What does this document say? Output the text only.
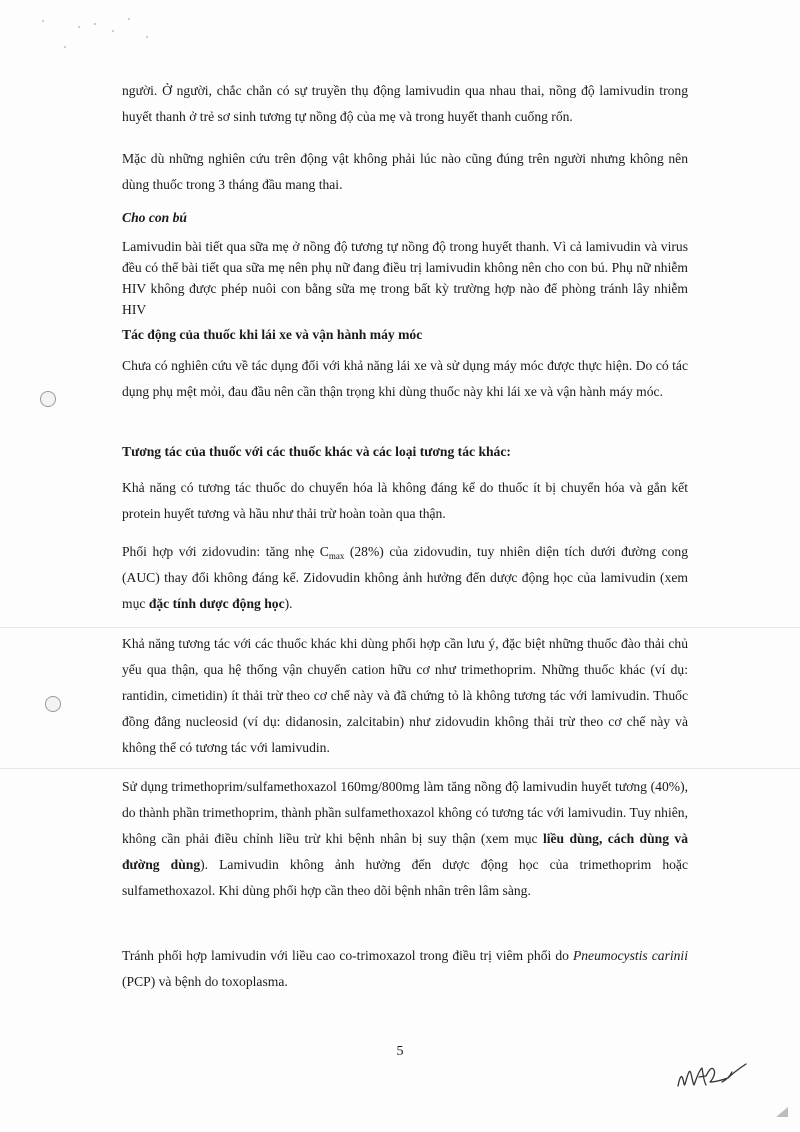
người. Ở người, chắc chắn có sự truyền thụ động lamivudin qua nhau thai, nồng độ lamivudin trong huyết thanh ở trẻ sơ sinh tương tự nồng độ của mẹ và trong huyết thanh cuống rốn.

Mặc dù những nghiên cứu trên động vật không phải lúc nào cũng đúng trên người nhưng không nên dùng thuốc trong 3 tháng đầu mang thai.

Cho con bú

Lamivudin bài tiết qua sữa mẹ ở nồng độ tương tự nồng độ trong huyết thanh. Vì cả lamivudin và virus đều có thể bài tiết qua sữa mẹ nên phụ nữ đang điều trị lamivudin không nên cho con bú. Phụ nữ nhiễm HIV không được phép nuôi con bằng sữa mẹ trong bất kỳ trường hợp nào để phòng tránh lây nhiễm HIV

Tác động của thuốc khi lái xe và vận hành máy móc

Chưa có nghiên cứu về tác dụng đối với khả năng lái xe và sử dụng máy móc được thực hiện. Do có tác dụng phụ mệt mỏi, đau đầu nên cần thận trọng khi dùng thuốc này khi lái xe và vận hành máy móc.

Tương tác của thuốc với các thuốc khác và các loại tương tác khác:

Khả năng có tương tác thuốc do chuyển hóa là không đáng kể do thuốc ít bị chuyển hóa và gắn kết protein huyết tương và hầu như thải trừ hoàn toàn qua thận.

Phối hợp với zidovudin: tăng nhẹ $C_{max}$ (28%) của zidovudin, tuy nhiên diện tích dưới đường cong (AUC) thay đổi không đáng kể. Zidovudin không ảnh hưởng đến dược động học của lamivudin (xem mục đặc tính dược động học).

Khả năng tương tác với các thuốc khác khi dùng phối hợp cần lưu ý, đặc biệt những thuốc đào thải chủ yếu qua thận, qua hệ thống vận chuyển cation hữu cơ như trimethoprim. Những thuốc khác (ví dụ: rantidin, cimetidin) ít thải trừ theo cơ chế này và đã chứng tỏ là không tương tác với lamivudin. Thuốc đồng đẳng nucleosid (ví dụ: didanosin, zalcitabin) như zidovudin không thải trừ theo cơ chế này và không thể có tương tác với lamivudin.

Sử dụng trimethoprim/sulfamethoxazol 160mg/800mg làm tăng nồng độ lamivudin huyết tương (40%), do thành phần trimethoprim, thành phần sulfamethoxazol không có tương tác với lamivudin. Tuy nhiên, không cần phải điều chỉnh liều trừ khi bệnh nhân bị suy thận (xem mục liều dùng, cách dùng và đường dùng). Lamivudin không ảnh hưởng đến dược động học của trimethoprim hoặc sulfamethoxazol. Khi dùng phối hợp cần theo dõi bệnh nhân trên lâm sàng.

Tránh phối hợp lamivudin với liều cao co-trimoxazol trong điều trị viêm phổi do Pneumocystis carinii (PCP) và bệnh do toxoplasma.

5
